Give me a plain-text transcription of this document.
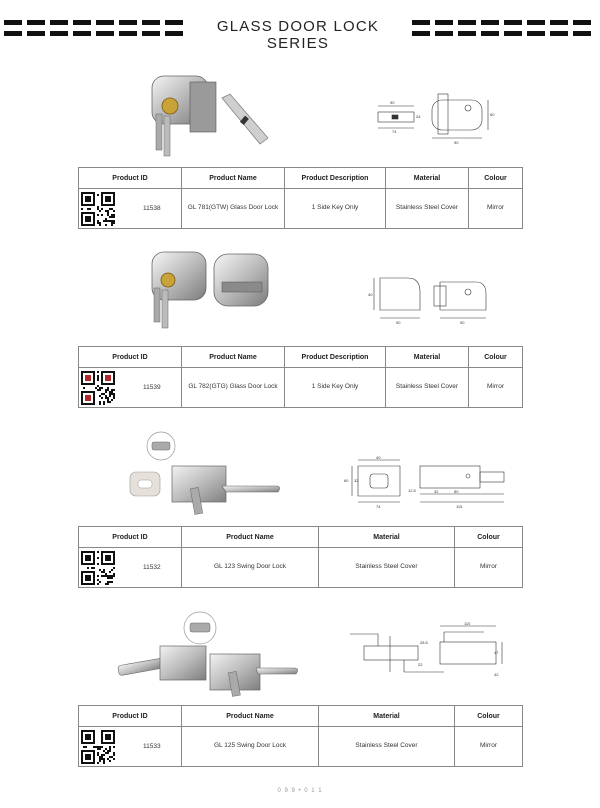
GLASS DOOR LOCK SERIES
90
24
74
60
90
Product ID	Product Name	Product Description	Material	Colour

11538	GL 781(GTW) Glass Door Lock	1 Side Key Only	Stainless Steel Cover	Mirror
40
90	90
Product ID	Product Name	Product Description	Material	Colour

11539	GL 782(GTG) Glass Door Lock	1 Side Key Only	Stainless Steel Cover	Mirror
40
60 32
74
12.5	32	80
115
Product ID	Product Name	Material	Colour

11532	GL 123 Swing Door Lock	Stainless Steel Cover	Mirror
110
47
28.5
22
42
Product ID	Product Name	Material	Colour

11533	GL 125 Swing Door Lock	Stainless Steel Cover	Mirror
0 9 9 • 0 1 1
